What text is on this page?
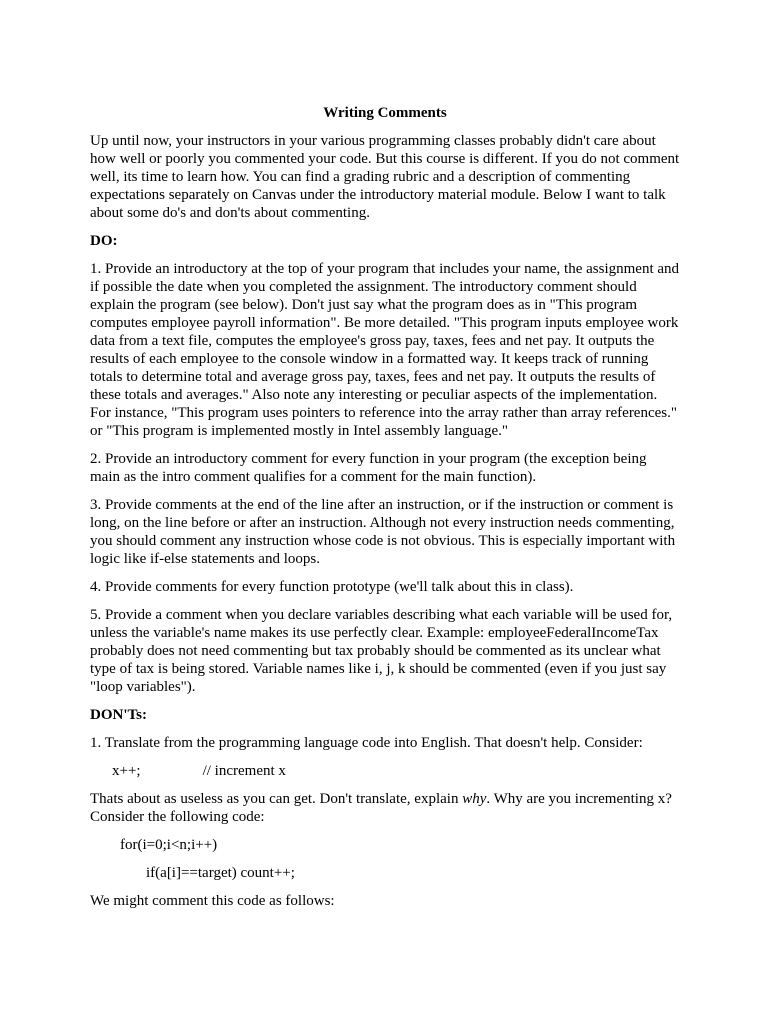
Writing Comments

Up until now, your instructors in your various programming classes probably didn't care about how well or poorly you commented your code. But this course is different. If you do not comment well, its time to learn how. You can find a grading rubric and a description of commenting expectations separately on Canvas under the introductory material module. Below I want to talk about some do's and don'ts about commenting.

DO:

1. Provide an introductory at the top of your program that includes your name, the assignment and if possible the date when you completed the assignment. The introductory comment should explain the program (see below). Don't just say what the program does as in "This program computes employee payroll information". Be more detailed. "This program inputs employee work data from a text file, computes the employee's gross pay, taxes, fees and net pay. It outputs the results of each employee to the console window in a formatted way. It keeps track of running totals to determine total and average gross pay, taxes, fees and net pay. It outputs the results of these totals and averages." Also note any interesting or peculiar aspects of the implementation. For instance, "This program uses pointers to reference into the array rather than array references." or "This program is implemented mostly in Intel assembly language."

2. Provide an introductory comment for every function in your program (the exception being main as the intro comment qualifies for a comment for the main function).

3. Provide comments at the end of the line after an instruction, or if the instruction or comment is long, on the line before or after an instruction. Although not every instruction needs commenting, you should comment any instruction whose code is not obvious. This is especially important with logic like if-else statements and loops.

4. Provide comments for every function prototype (we'll talk about this in class).

5. Provide a comment when you declare variables describing what each variable will be used for, unless the variable's name makes its use perfectly clear. Example: employeeFederalIncomeTax probably does not need commenting but tax probably should be commented as its unclear what type of tax is being stored. Variable names like i, j, k should be commented (even if you just say "loop variables").

DON'Ts:

1. Translate from the programming language code into English. That doesn't help. Consider:

x++;	// increment x

Thats about as useless as you can get. Don't translate, explain why. Why are you incrementing x? Consider the following code:

for(i=0;i<n;i++)
if(a[i]==target) count++;

We might comment this code as follows:
